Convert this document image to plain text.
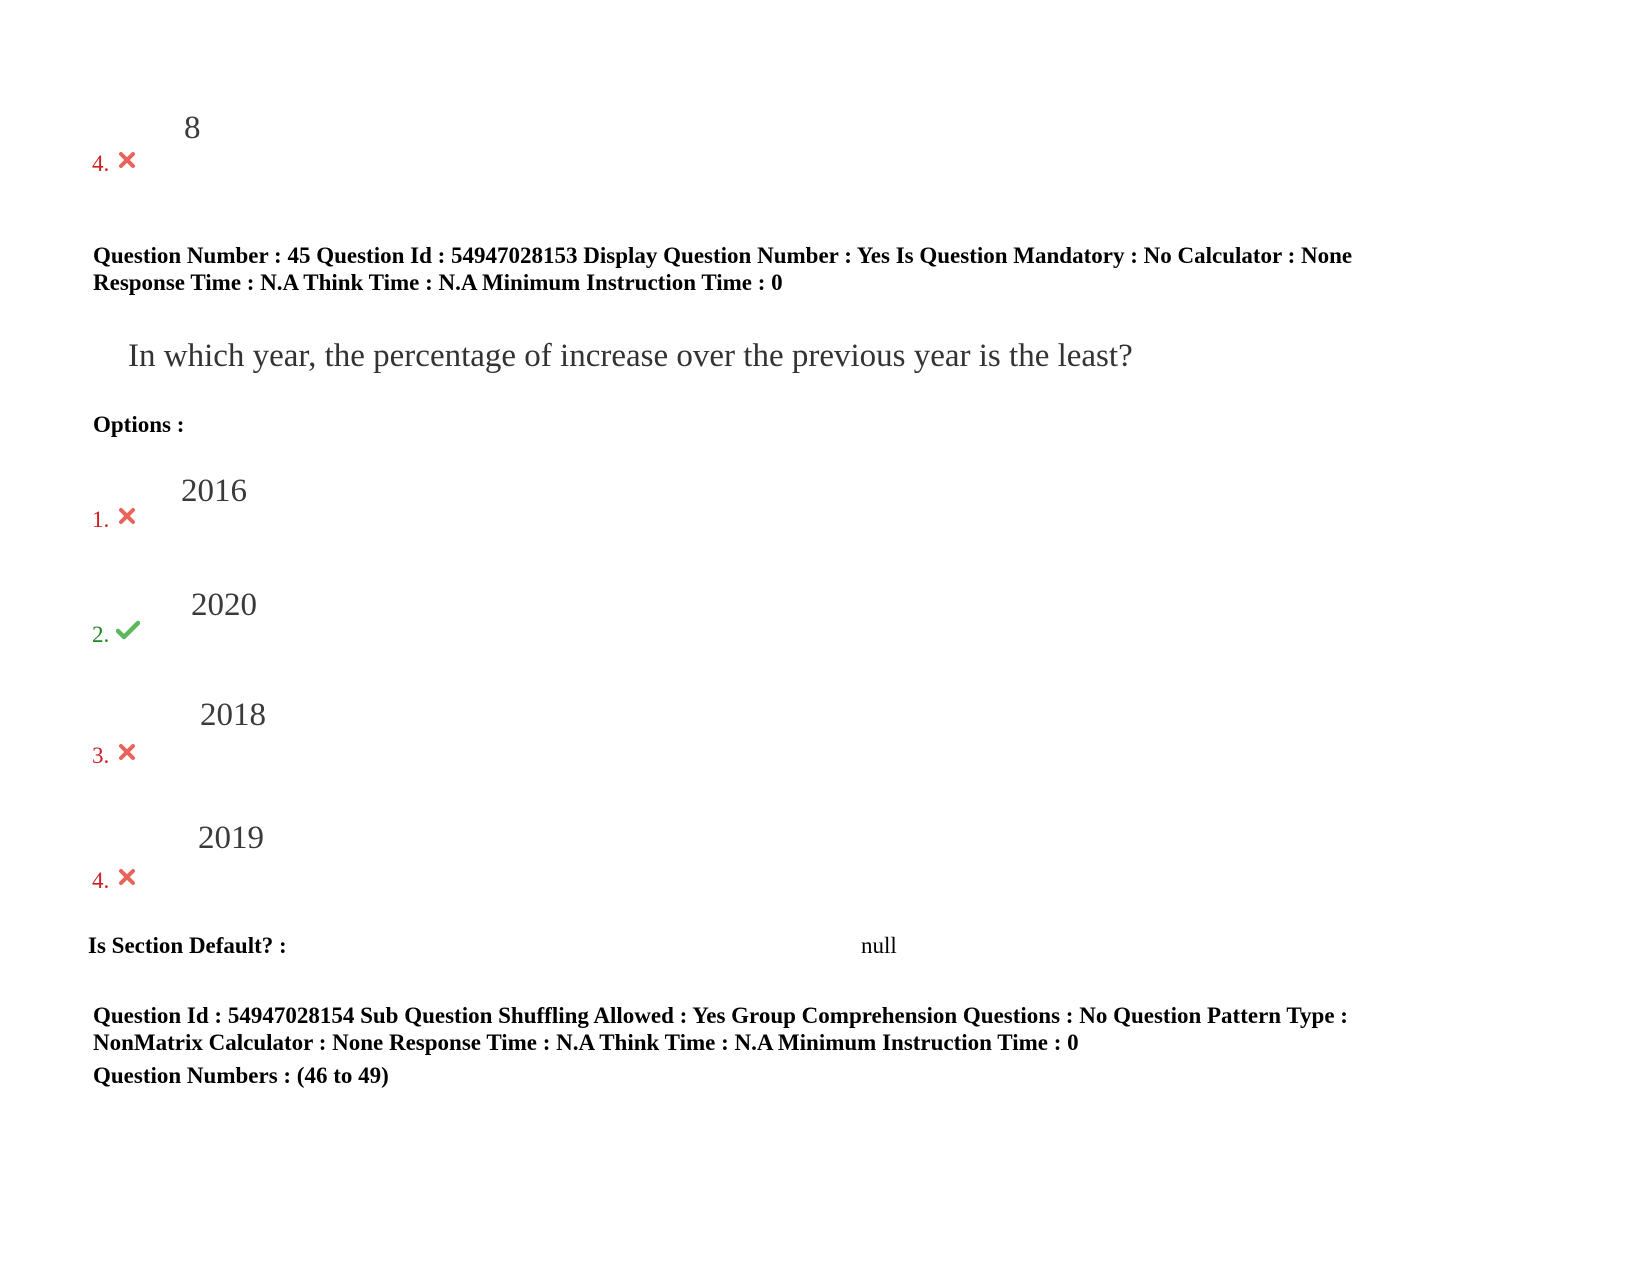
8
4.
Question Number : 45 Question Id : 54947028153 Display Question Number : Yes Is Question Mandatory : No Calculator : None
Response Time : N.A Think Time : N.A Minimum Instruction Time : 0
In which year, the percentage of increase over the previous year is the least?
Options :
2016
1.
2020
2.
2018
3.
2019
4.
Is Section Default? :	null
Question Id : 54947028154 Sub Question Shuffling Allowed : Yes Group Comprehension Questions : No Question Pattern Type :
NonMatrix Calculator : None Response Time : N.A Think Time : N.A Minimum Instruction Time : 0
Question Numbers : (46 to 49)
